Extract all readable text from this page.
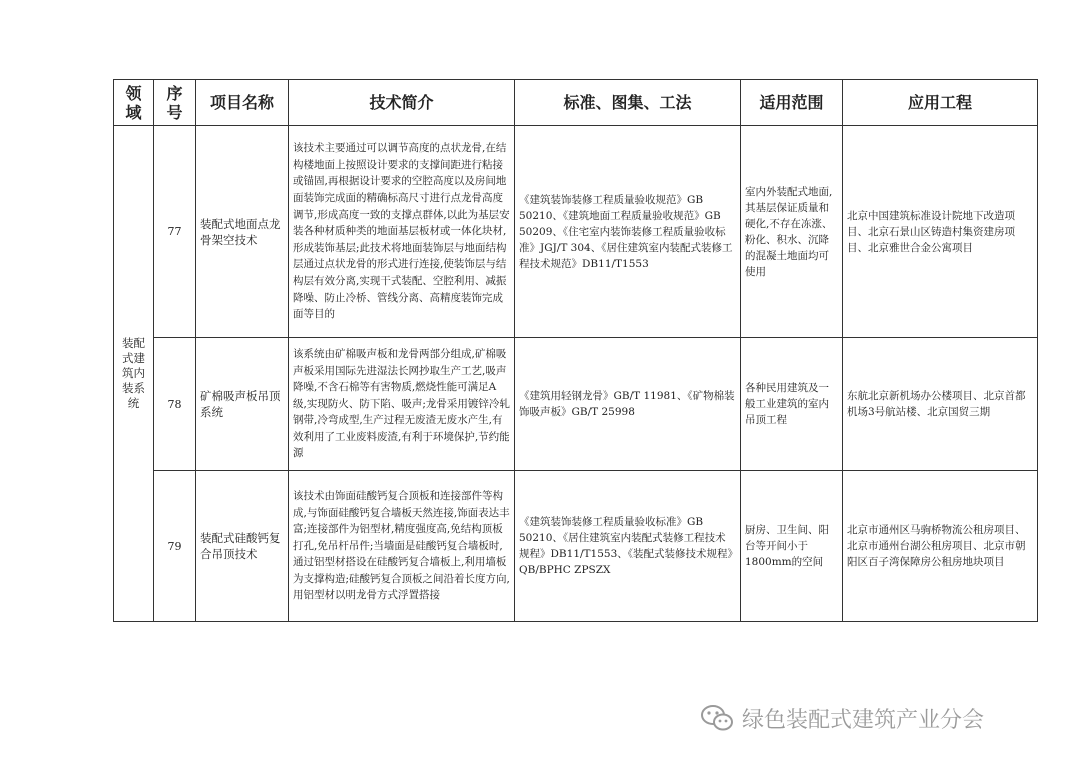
领域	序号	项目名称	技术简介	标准、图集、工法	适用范围	应用工程
装配式建筑内装系统	77	装配式地面点龙骨架空技术	该技术主要通过可以调节高度的点状龙骨,在结构楼地面上按照设计要求的支撑间距进行粘接或锚固,再根据设计要求的空腔高度以及房间地面装饰完成面的精确标高尺寸进行点龙骨高度调节,形成高度一致的支撑点群体,以此为基层安装各种材质种类的地面基层板材或一体化块材,形成装饰基层;此技术将地面装饰层与地面结构层通过点状龙骨的形式进行连接,使装饰层与结构层有效分离,实现干式装配、空腔利用、减振降噪、防止冷桥、管线分离、高精度装饰完成面等目的	《建筑装饰装修工程质量验收规范》GB 50210、《建筑地面工程质量验收规范》GB 50209、《住宅室内装饰装修工程质量验收标准》JGJ/T 304、《居住建筑室内装配式装修工程技术规范》DB11/T1553	室内外装配式地面,其基层保证质量和硬化,不存在冻涨、粉化、积水、沉降的混凝土地面均可使用	北京中国建筑标准设计院地下改造项目、北京石景山区铸造村集资建房项目、北京雅世合金公寓项目
	78	矿棉吸声板吊顶系统	该系统由矿棉吸声板和龙骨两部分组成,矿棉吸声板采用国际先进湿法长网抄取生产工艺,吸声降噪,不含石棉等有害物质,燃烧性能可满足A级,实现防火、防下陷、吸声;龙骨采用镀锌冷轧钢带,冷弯成型,生产过程无废渣无废水产生,有效利用了工业废料废渣,有利于环境保护,节约能源	《建筑用轻钢龙骨》GB/T 11981、《矿物棉装饰吸声板》GB/T 25998	各种民用建筑及一般工业建筑的室内吊顶工程	东航北京新机场办公楼项目、北京首都机场3号航站楼、北京国贸三期
	79	装配式硅酸钙复合吊顶技术	该技术由饰面硅酸钙复合顶板和连接部件等构成,与饰面硅酸钙复合墙板天然连接,饰面表达丰富;连接部件为铝型材,精度强度高,免结构顶板打孔,免吊杆吊件;当墙面是硅酸钙复合墙板时,通过铝型材搭设在硅酸钙复合墙板上,利用墙板为支撑构造;硅酸钙复合顶板之间沿着长度方向,用铝型材以明龙骨方式浮置搭接	《建筑装饰装修工程质量验收标准》GB 50210、《居住建筑室内装配式装修工程技术规程》DB11/T1553、《装配式装修技术规程》QB/BPHC ZPSZX	厨房、卫生间、阳台等开间小于1800mm的空间	北京市通州区马驹桥物流公租房项目、北京市通州台湖公租房项目、北京市朝阳区百子湾保障房公租房地块项目
绿色装配式建筑产业分会
